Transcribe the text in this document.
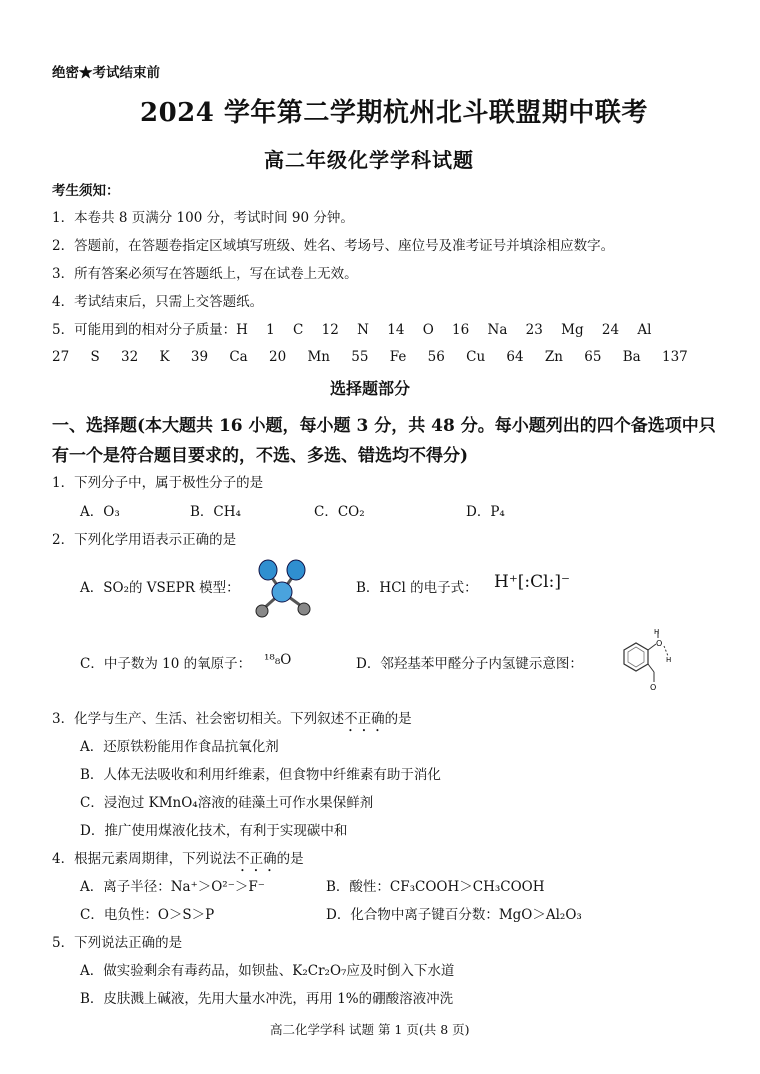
绝密★考试结束前
2024 学年第二学期杭州北斗联盟期中联考
高二年级化学学科试题
考生须知：
1．本卷共 8 页满分 100 分，考试时间 90 分钟。
2．答题前，在答题卷指定区域填写班级、姓名、考场号、座位号及准考证号并填涂相应数字。
3．所有答案必须写在答题纸上，写在试卷上无效。
4．考试结束后，只需上交答题纸。
5．可能用到的相对分子质量：H 1 C 12 N 14 O 16 Na 23 Mg 24 Al
27 S 32 K 39 Ca 20 Mn 55 Fe 56 Cu 64 Zn 65 Ba 137
选择题部分
一、选择题(本大题共 16 小题，每小题 3 分，共 48 分。每小题列出的四个备选项中只
有一个是符合题目要求的，不选、多选、错选均不得分)
1．下列分子中，属于极性分子的是
A．O₃	B．CH₄	C．CO₂	D．P₄
2．下列化学用语表示正确的是
A．SO₂的 VSEPR 模型：	B．HCl 的电子式： H⁺[:Cl:]⁻
C．中子数为 10 的氧原子： ¹⁸₈O	D．邻羟基苯甲醛分子内氢键示意图：
O
H
H
O
3．化学与生产、生活、社会密切相关。下列叙述不正确的是
A．还原铁粉能用作食品抗氧化剂
B．人体无法吸收和利用纤维素，但食物中纤维素有助于消化
C．浸泡过 KMnO₄溶液的硅藻土可作水果保鲜剂
D．推广使用煤液化技术，有利于实现碳中和
4．根据元素周期律，下列说法不正确的是
A．离子半径：Na⁺＞O²⁻＞F⁻	B．酸性：CF₃COOH＞CH₃COOH
C．电负性：O＞S＞P	D．化合物中离子键百分数：MgO＞Al₂O₃
5．下列说法正确的是
A．做实验剩余有毒药品，如钡盐、K₂Cr₂O₇应及时倒入下水道
B．皮肤溅上碱液，先用大量水冲洗，再用 1%的硼酸溶液冲洗
高二化学学科 试题 第 1 页(共 8 页)
